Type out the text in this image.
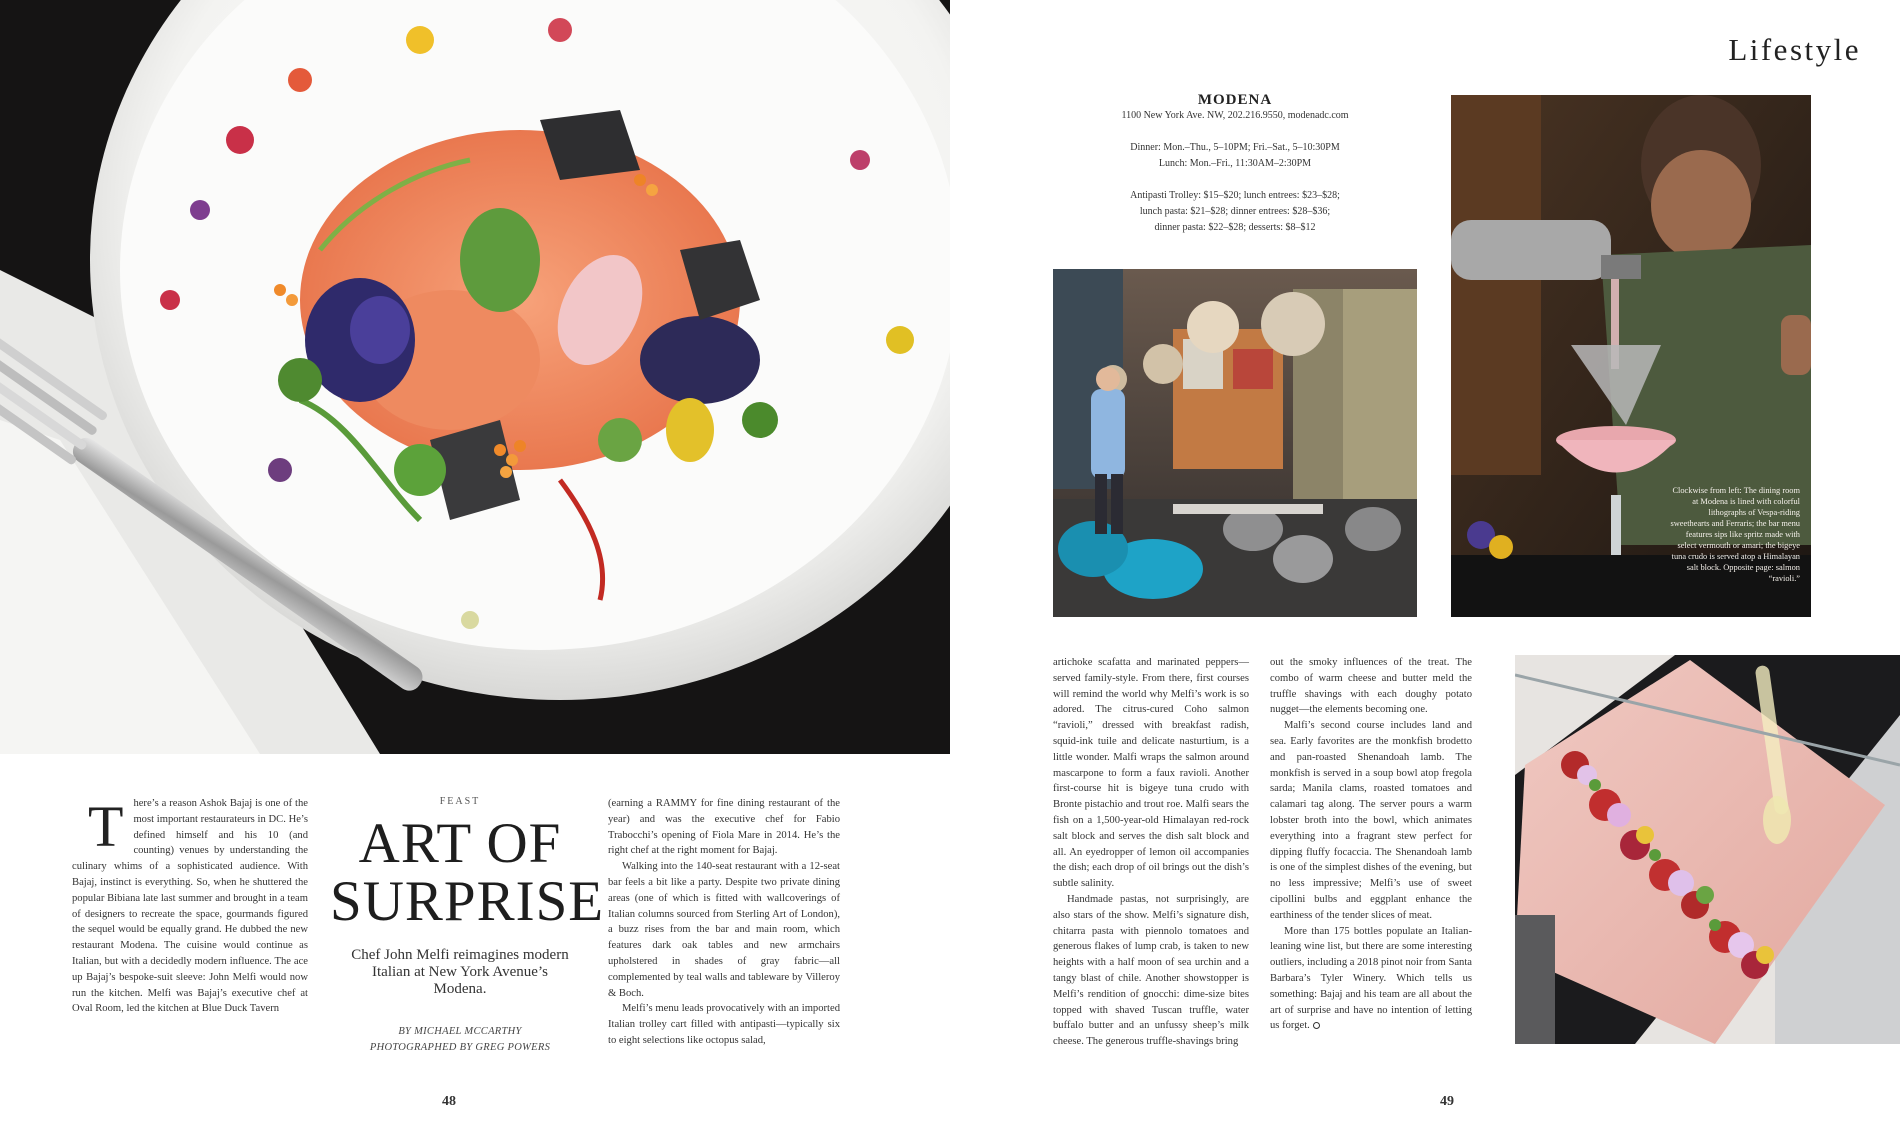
T here’s a reason Ashok Bajaj is one of the most important restaurateurs in DC. He’s defined himself and his 10 (and counting) venues by understanding the culinary whims of a sophisticated audience. With Bajaj, instinct is everything. So, when he shuttered the popular Bibiana late last summer and brought in a team of designers to recreate the space, gourmands figured the sequel would be equally grand. He dubbed the new restaurant Modena. The cuisine would continue as Italian, but with a decidedly modern influence. The ace up Bajaj’s bespoke-suit sleeve: John Melfi would now run the kitchen. Melfi was Bajaj’s executive chef at Oval Room, led the kitchen at Blue Duck Tavern

FEAST

ART OF SURPRISE

Chef John Melfi reimagines modern Italian at New York Avenue’s Modena.

BY MICHAEL MCCARTHY

PHOTOGRAPHED BY GREG POWERS

(earning a RAMMY for fine dining restaurant of the year) and was the executive chef for Fabio Trabocchi’s opening of Fiola Mare in 2014. He’s the right chef at the right moment for Bajaj.

Walking into the 140-seat restaurant with a 12-seat bar feels a bit like a party. Despite two private dining areas (one of which is fitted with wallcoverings of Italian columns sourced from Sterling Art of London), a buzz rises from the bar and main room, which features dark oak tables and new armchairs upholstered in shades of gray fabric—all complemented by teal walls and tableware by Villeroy & Boch.

Melfi’s menu leads provocatively with an imported Italian trolley cart filled with antipasti—typically six to eight selections like octopus salad,

48
Lifestyle

MODENA

1100 New York Ave. NW, 202.216.9550, modenadc.com

Dinner: Mon.–Thu., 5–10PM; Fri.–Sat., 5–10:30PM

Lunch: Mon.–Fri., 11:30AM–2:30PM

Antipasti Trolley: $15–$20; lunch entrees: $23–$28;

lunch pasta: $21–$28; dinner entrees: $28–$36;

dinner pasta: $22–$28; desserts: $8–$12

Clockwise from left: The dining room at Modena is lined with colorful lithographs of Vespa-riding sweethearts and Ferraris; the bar menu features sips like spritz made with select vermouth or amari; the bigeye tuna crudo is served atop a Himalayan salt block. Opposite page: salmon “ravioli.”

artichoke scafatta and marinated peppers—served family-style. From there, first courses will remind the world why Melfi’s work is so adored. The citrus-cured Coho salmon “ravioli,” dressed with breakfast radish, squid-ink tuile and delicate nasturtium, is a little wonder. Malfi wraps the salmon around mascarpone to form a faux ravioli. Another first-course hit is bigeye tuna crudo with Bronte pistachio and trout roe. Malfi sears the fish on a 1,500-year-old Himalayan red-rock salt block and serves the dish salt block and all. An eyedropper of lemon oil accompanies the dish; each drop of oil brings out the dish’s subtle salinity.

Handmade pastas, not surprisingly, are also stars of the show. Melfi’s signature dish, chitarra pasta with piennolo tomatoes and generous flakes of lump crab, is taken to new heights with a half moon of sea urchin and a tangy blast of chile. Another showstopper is Melfi’s rendition of gnocchi: dime-size bites topped with shaved Tuscan truffle, water buffalo butter and an unfussy sheep’s milk cheese. The generous truffle-shavings bring

out the smoky influences of the treat. The combo of warm cheese and butter meld the truffle shavings with each doughy potato nugget—the elements becoming one.

Malfi’s second course includes land and sea. Early favorites are the monkfish brodetto and pan-roasted Shenandoah lamb. The monkfish is served in a soup bowl atop fregola sarda; Manila clams, roasted tomatoes and calamari tag along. The server pours a warm lobster broth into the bowl, which animates everything into a fragrant stew perfect for dipping fluffy focaccia. The Shenandoah lamb is one of the simplest dishes of the evening, but no less impressive; Melfi’s use of sweet cipollini bulbs and eggplant enhance the earthiness of the tender slices of meat.

More than 175 bottles populate an Italian-leaning wine list, but there are some interesting outliers, including a 2018 pinot noir from Santa Barbara’s Tyler Winery. Which tells us something: Bajaj and his team are all about the art of surprise and have no intention of letting us forget.

49
